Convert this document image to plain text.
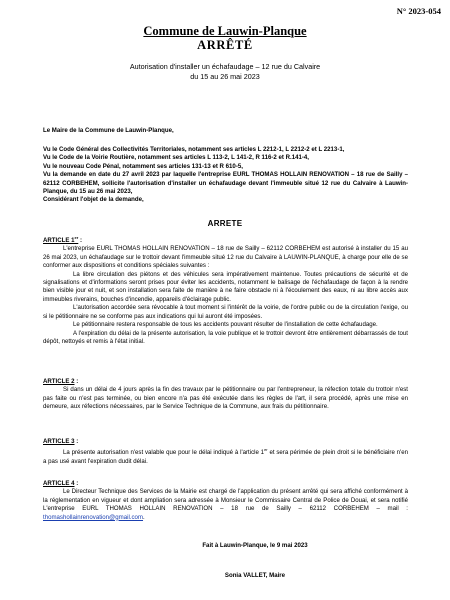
N° 2023-054
Commune de Lauwin-Planque
ARRÊTÉ
Autorisation d'installer un échafaudage – 12 rue du Calvaire
du 15 au 26 mai 2023
Le Maire de la Commune de Lauwin-Planque,

Vu le Code Général des Collectivités Territoriales, notamment ses articles L 2212-1, L 2212-2 et L 2213-1,

Vu le Code de la Voirie Routière, notamment ses articles L 113-2, L 141-2, R 116-2 et R.141-4,

Vu le nouveau Code Pénal, notamment ses articles 131-13 et R 610-5,

Vu la demande en date du 27 avril 2023 par laquelle l'entreprise EURL THOMAS HOLLAIN RENOVATION – 18 rue de Sailly – 62112 CORBEHEM, sollicite l'autorisation d'installer un échafaudage devant l'immeuble situé 12 rue du Calvaire à Lauwin-Planque, du 15 au 26 mai 2023,

Considérant l'objet de la demande,

ARRETE

ARTICLE 1er :

L'entreprise EURL THOMAS HOLLAIN RENOVATION – 18 rue de Sailly – 62112 CORBEHEM est autorisé à installer du 15 au 26 mai 2023, un échafaudage sur le trottoir devant l'immeuble situé 12 rue du Calvaire à LAUWIN-PLANQUE, à charge pour elle de se conformer aux dispositions et conditions spéciales suivantes :

La libre circulation des piétons et des véhicules sera impérativement maintenue. Toutes précautions de sécurité et de signalisations et d'informations seront prises pour éviter les accidents, notamment le balisage de l'échafaudage de façon à la rendre bien visible jour et nuit, et son installation sera faite de manière à ne faire obstacle ni à l'écoulement des eaux, ni au libre accès aux immeubles riverains, bouches d'incendie, appareils d'éclairage public.

L'autorisation accordée sera révocable à tout moment si l'intérêt de la voirie, de l'ordre public ou de la circulation l'exige, ou si le pétitionnaire ne se conforme pas aux indications qui lui auront été imposées.

Le pétitionnaire restera responsable de tous les accidents pouvant résulter de l'installation de cette échafaudage.

A l'expiration du délai de la présente autorisation, la voie publique et le trottoir devront être entièrement débarrassés de tout dépôt, nettoyés et remis à l'état initial.

ARTICLE 2 :

Si dans un délai de 4 jours après la fin des travaux par le pétitionnaire ou par l'entrepreneur, la réfection totale du trottoir n'est pas faite ou n'est pas terminée, ou bien encore n'a pas été exécutée dans les règles de l'art, il sera procédé, après une mise en demeure, aux réfections nécessaires, par le Service Technique de la Commune, aux frais du pétitionnaire.

ARTICLE 3 :

La présente autorisation n'est valable que pour le délai indiqué à l'article 1er et sera périmée de plein droit si le bénéficiaire n'en a pas usé avant l'expiration dudit délai.

ARTICLE 4 :

Le Directeur Technique des Services de la Mairie est chargé de l'application du présent arrêté qui sera affiché conformément à la réglementation en vigueur et dont ampliation sera adressée à Monsieur le Commissaire Central de Police de Douai, et sera notifié L'entreprise EURL THOMAS HOLLAIN RENOVATION – 18 rue de Sailly – 62112 CORBEHEM – mail : thomashollainrenovation@gmail.com.

Fait à Lauwin-Planque, le 9 mai 2023
Sonia VALLET, Maire
